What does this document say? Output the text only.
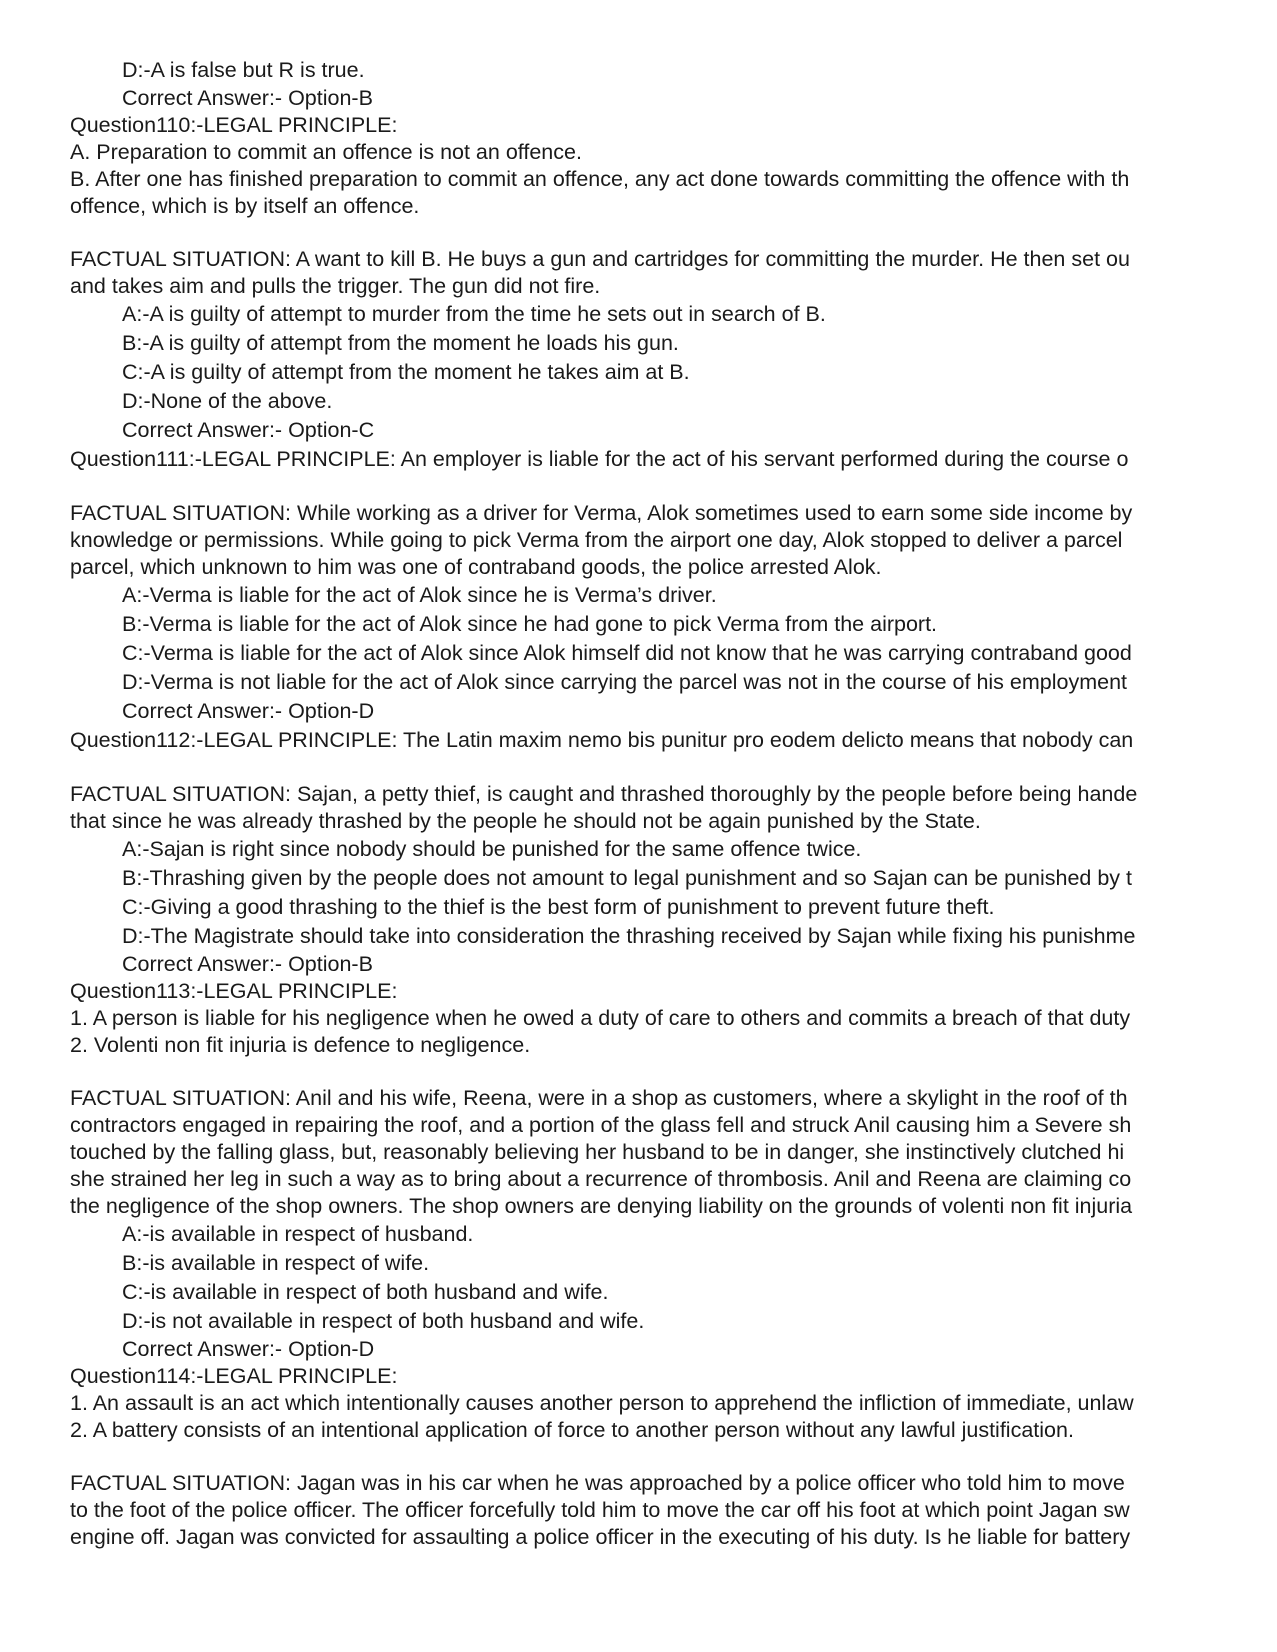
D:-A is false but R is true.
Correct Answer:- Option-B
Question110:-LEGAL PRINCIPLE:
A. Preparation to commit an offence is not an offence.
B. After one has finished preparation to commit an offence, any act done towards committing the offence with th
offence, which is by itself an offence.
FACTUAL SITUATION: A want to kill B. He buys a gun and cartridges for committing the murder. He then set ou
and takes aim and pulls the trigger. The gun did not fire.
A:-A is guilty of attempt to murder from the time he sets out in search of B.
B:-A is guilty of attempt from the moment he loads his gun.
C:-A is guilty of attempt from the moment he takes aim at B.
D:-None of the above.
Correct Answer:- Option-C
Question111:-LEGAL PRINCIPLE: An employer is liable for the act of his servant performed during the course o
FACTUAL SITUATION: While working as a driver for Verma, Alok sometimes used to earn some side income by
knowledge or permissions. While going to pick Verma from the airport one day, Alok stopped to deliver a parcel
parcel, which unknown to him was one of contraband goods, the police arrested Alok.
A:-Verma is liable for the act of Alok since he is Verma’s driver.
B:-Verma is liable for the act of Alok since he had gone to pick Verma from the airport.
C:-Verma is liable for the act of Alok since Alok himself did not know that he was carrying contraband good
D:-Verma is not liable for the act of Alok since carrying the parcel was not in the course of his employment
Correct Answer:- Option-D
Question112:-LEGAL PRINCIPLE: The Latin maxim nemo bis punitur pro eodem delicto means that nobody can
FACTUAL SITUATION: Sajan, a petty thief, is caught and thrashed thoroughly by the people before being hande
that since he was already thrashed by the people he should not be again punished by the State.
A:-Sajan is right since nobody should be punished for the same offence twice.
B:-Thrashing given by the people does not amount to legal punishment and so Sajan can be punished by t
C:-Giving a good thrashing to the thief is the best form of punishment to prevent future theft.
D:-The Magistrate should take into consideration the thrashing received by Sajan while fixing his punishme
Correct Answer:- Option-B
Question113:-LEGAL PRINCIPLE:
1. A person is liable for his negligence when he owed a duty of care to others and commits a breach of that duty
2. Volenti non fit injuria is defence to negligence.
FACTUAL SITUATION: Anil and his wife, Reena, were in a shop as customers, where a skylight in the roof of th
contractors engaged in repairing the roof, and a portion of the glass fell and struck Anil causing him a Severe sh
touched by the falling glass, but, reasonably believing her husband to be in danger, she instinctively clutched hi
she strained her leg in such a way as to bring about a recurrence of thrombosis. Anil and Reena are claiming co
the negligence of the shop owners. The shop owners are denying liability on the grounds of volenti non fit injuria
A:-is available in respect of husband.
B:-is available in respect of wife.
C:-is available in respect of both husband and wife.
D:-is not available in respect of both husband and wife.
Correct Answer:- Option-D
Question114:-LEGAL PRINCIPLE:
1. An assault is an act which intentionally causes another person to apprehend the infliction of immediate, unlaw
2. A battery consists of an intentional application of force to another person without any lawful justification.
FACTUAL SITUATION: Jagan was in his car when he was approached by a police officer who told him to move
to the foot of the police officer. The officer forcefully told him to move the car off his foot at which point Jagan sw
engine off. Jagan was convicted for assaulting a police officer in the executing of his duty. Is he liable for battery
